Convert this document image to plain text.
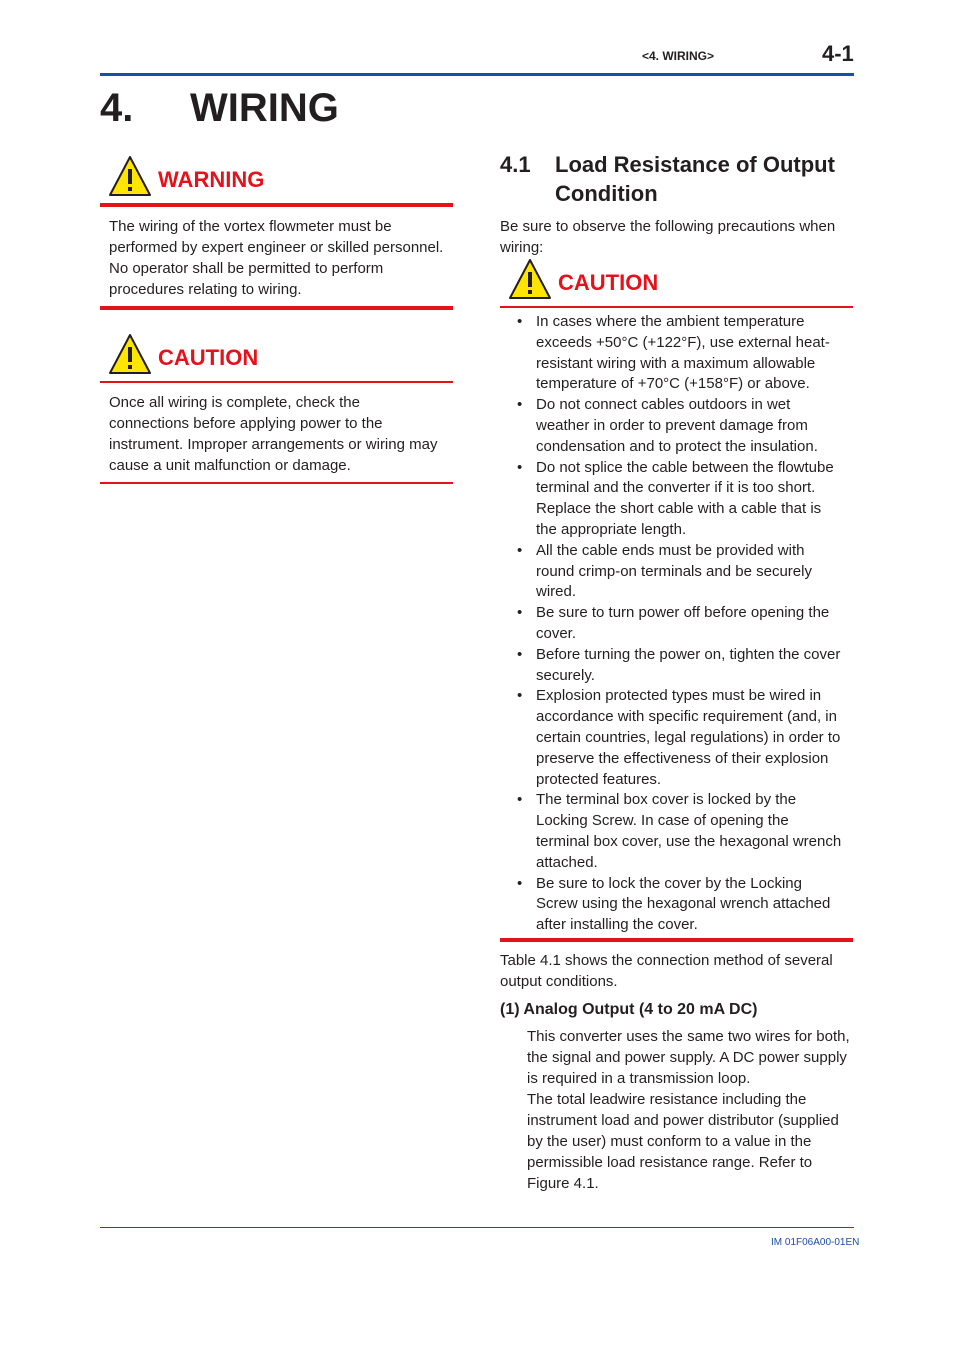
<4. WIRING>	4-1
4. WIRING
WARNING

The wiring of the vortex flowmeter must be performed by expert engineer or skilled personnel. No operator shall be permitted to perform procedures relating to wiring.

CAUTION

Once all wiring is complete, check the connections before applying power to the instrument. Improper arrangements or wiring may cause a unit malfunction or damage.

4.1 Load Resistance of Output Condition

Be sure to observe the following precautions when wiring:

CAUTION
• In cases where the ambient temperature exceeds +50°C (+122°F), use external heat-resistant wiring with a maximum allowable temperature of +70°C (+158°F) or above.
• Do not connect cables outdoors in wet weather in order to prevent damage from condensation and to protect the insulation.
• Do not splice the cable between the flowtube terminal and the converter if it is too short. Replace the short cable with a cable that is the appropriate length.
• All the cable ends must be provided with round crimp-on terminals and be securely wired.
• Be sure to turn power off before opening the cover.
• Before turning the power on, tighten the cover securely.
• Explosion protected types must be wired in accordance with specific requirement (and, in certain countries, legal regulations) in order to preserve the effectiveness of their explosion protected features.
• The terminal box cover is locked by the Locking Screw. In case of opening the terminal box cover, use the hexagonal wrench attached.
• Be sure to lock the cover by the Locking Screw using the hexagonal wrench attached after installing the cover.

Table 4.1 shows the connection method of several output conditions.

(1) Analog Output (4 to 20 mA DC)
This converter uses the same two wires for both, the signal and power supply. A DC power supply is required in a transmission loop.
The total leadwire resistance including the instrument load and power distributor (supplied by the user) must conform to a value in the permissible load resistance range. Refer to Figure 4.1.
IM 01F06A00-01EN
